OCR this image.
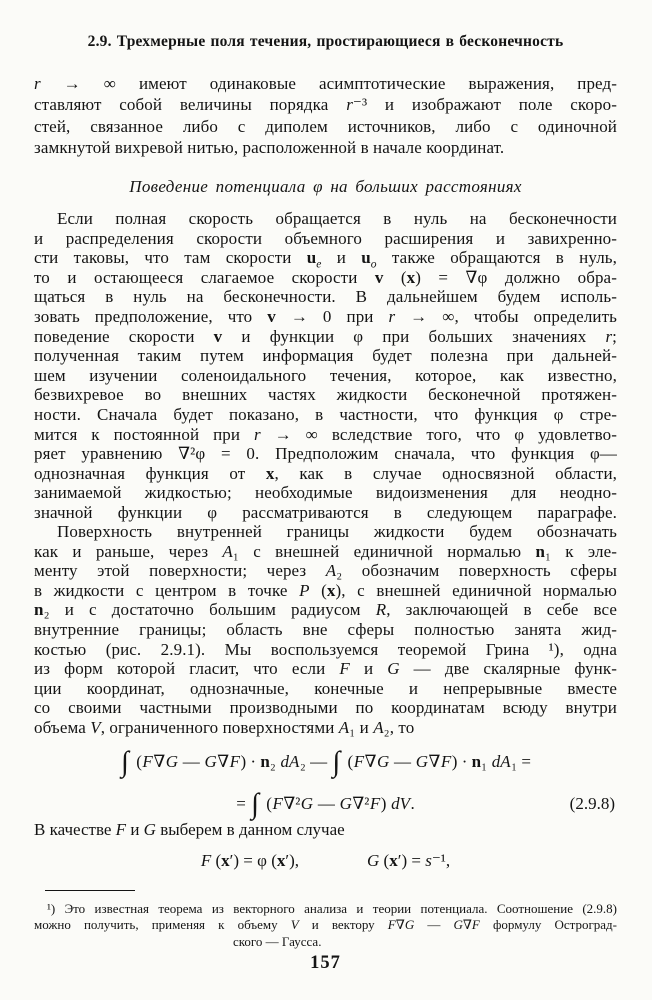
2.9. Трехмерные поля течения, простирающиеся в бесконечность
r → ∞ имеют одинаковые асимптотические выражения, пред-
ставляют собой величины порядка r⁻³ и изображают поле скоро-
стей, связанное либо с диполем источников, либо с одиночной
замкнутой вихревой нитью, расположенной в начале координат.
Поведение потенциала φ на больших расстояниях
Если полная скорость обращается в нуль на бесконечности
и распределения скорости объемного расширения и завихренно-
сти таковы, что там скорости $u_e$ и $u_o$ также обращаются в нуль,
то и остающееся слагаемое скорости v (x) = ∇φ должно обра-
щаться в нуль на бесконечности. В дальнейшем будем исполь-
зовать предположение, что v → 0 при r → ∞, чтобы определить
поведение скорости v и функции φ при больших значениях r;
полученная таким путем информация будет полезна при дальней-
шем изучении соленоидального течения, которое, как известно,
безвихревое во внешних частях жидкости бесконечной протяжен-
ности. Сначала будет показано, в частности, что функция φ стре-
мится к постоянной при r → ∞ вследствие того, что φ удовлетво-
ряет уравнению ∇²φ = 0. Предположим сначала, что функция φ—
однозначная функция от x, как в случае односвязной области,
занимаемой жидкостью; необходимые видоизменения для неодно-
значной функции φ рассматриваются в следующем параграфе.
Поверхность внутренней границы жидкости будем обозначать
как и раньше, через A₁ с внешней единичной нормалью n₁ к эле-
менту этой поверхности; через A₂ обозначим поверхность сферы
в жидкости с центром в точке P (x), с внешней единичной нормалью
n₂ и с достаточно большим радиусом R, заключающей в себе все
внутренние границы; область вне сферы полностью занята жид-
костью (рис. 2.9.1). Мы воспользуемся теоремой Грина ¹), одна
из форм которой гласит, что если F и G — две скалярные функ-
ции координат, однозначные, конечные и непрерывные вместе
со своими частными производными по координатам всюду внутри
объема V, ограниченного поверхностями A₁ и A₂, то
∫ (F∇G — G∇F) · n₂ dA₂ — ∫ (F∇G — G∇F) · n₁ dA₁ =
= ∫ (F∇²G — G∇²F) dV.	(2.9.8)
В качестве F и G выберем в данном случае
F (x′) = φ (x′),	G (x′) = s⁻¹,
¹) Это известная теорема из векторного анализа и теории потенциала. Соотношение (2.9.8)
можно получить, применяя к объему V и вектору F∇G — G∇F формулу Остроград-
ского — Гаусса.
157
